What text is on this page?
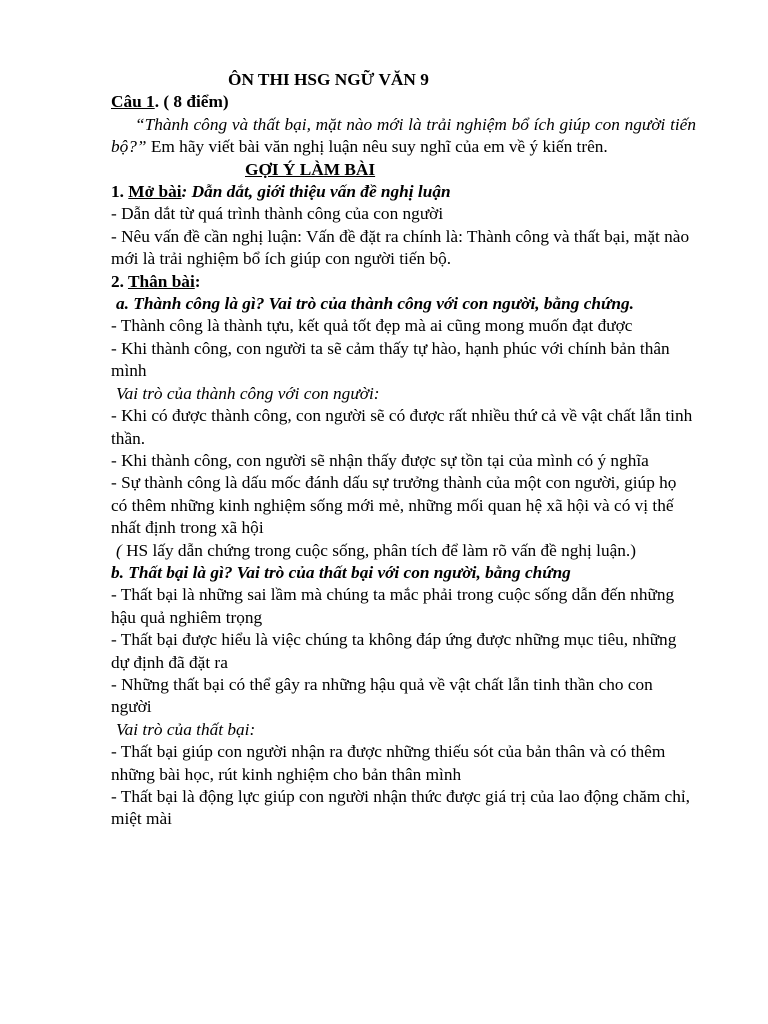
ÔN THI HSG NGỮ VĂN 9
Câu 1. ( 8 điểm)

“Thành công và thất bại, mặt nào mới là trải nghiệm bổ ích giúp con người tiến bộ?” Em hãy viết bài văn nghị luận nêu suy nghĩ của em về ý kiến trên.

GỢI Ý LÀM BÀI
1. Mở bài: Dẫn dắt, giới thiệu vấn đề nghị luận

- Dẫn dắt từ quá trình thành công của con người

- Nêu vấn đề cần nghị luận: Vấn đề đặt ra chính là: Thành công và thất bại, mặt nào mới là trải nghiệm bổ ích giúp con người tiến bộ.

2. Thân bài:

a. Thành công là gì? Vai trò của thành công với con người, bằng chứng.

- Thành công là thành tựu, kết quả tốt đẹp mà ai cũng mong muốn đạt được

- Khi thành công, con người ta sẽ cảm thấy tự hào, hạnh phúc với chính bản thân mình

Vai trò của thành công với con người:

- Khi có được thành công, con người sẽ có được rất nhiều thứ cả về vật chất lẫn tinh thần.

- Khi thành công, con người sẽ nhận thấy được sự tồn tại của mình có ý nghĩa

- Sự thành công là dấu mốc đánh dấu sự trưởng thành của một con người, giúp họ có thêm những kinh nghiệm sống mới mẻ, những mối quan hệ xã hội và có vị thế nhất định trong xã hội

( HS lấy dẫn chứng trong cuộc sống, phân tích để làm rõ vấn đề nghị luận.)

b. Thất bại là gì? Vai trò của thất bại với con người, bằng chứng

- Thất bại là những sai lầm mà chúng ta mắc phải trong cuộc sống dẫn đến những hậu quả nghiêm trọng

- Thất bại được hiểu là việc chúng ta không đáp ứng được những mục tiêu, những dự định đã đặt ra

- Những thất bại có thể gây ra những hậu quả về vật chất lẫn tinh thần cho con người

Vai trò của thất bại:

- Thất bại giúp con người nhận ra được những thiếu sót của bản thân và có thêm những bài học, rút kinh nghiệm cho bản thân mình

- Thất bại là động lực giúp con người nhận thức được giá trị của lao động chăm chỉ, miệt mài
